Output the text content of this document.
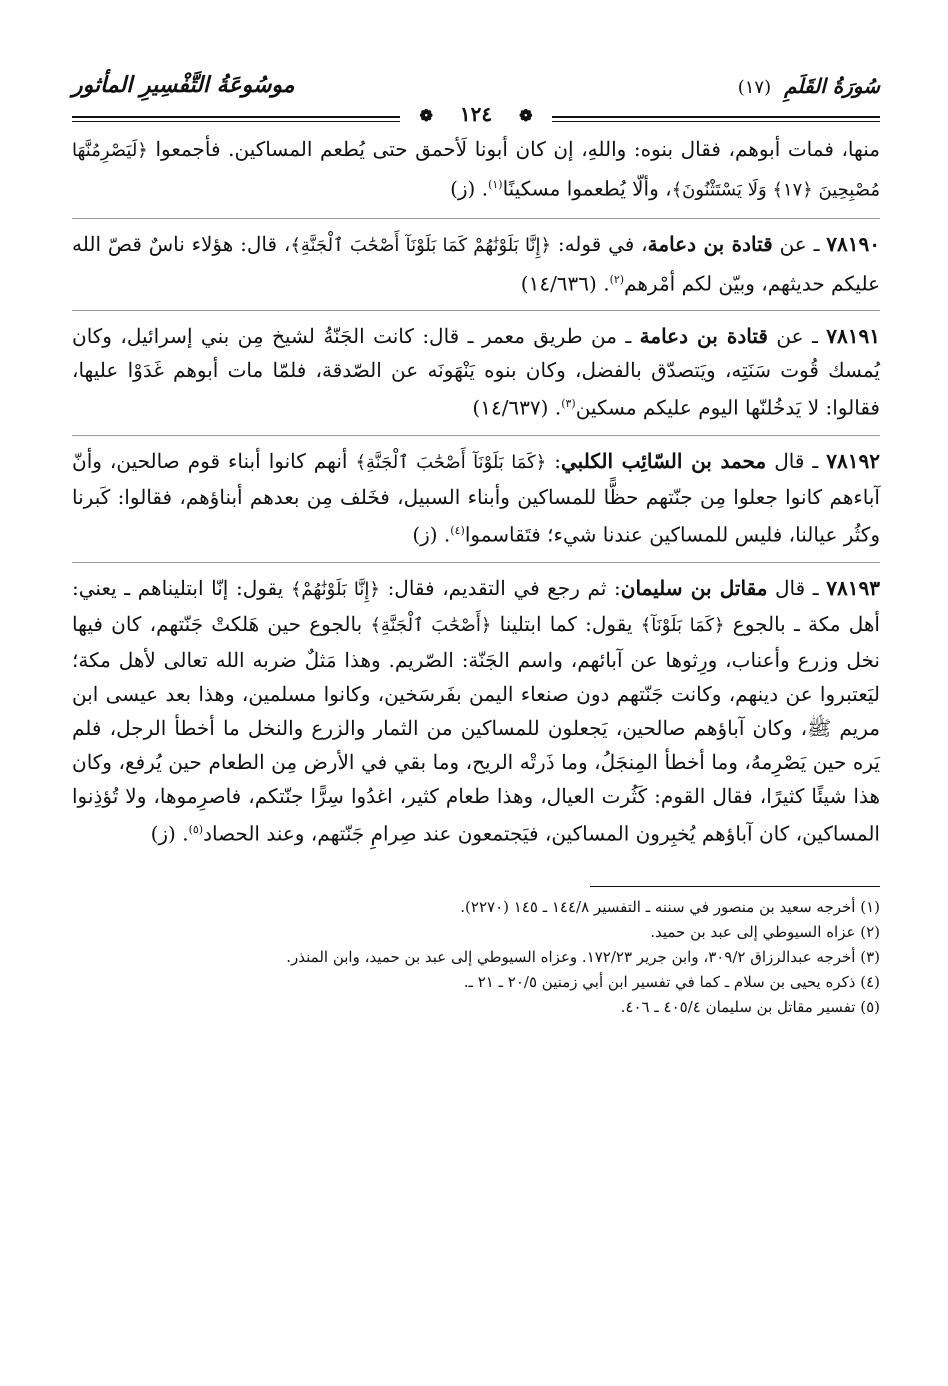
سُورَةُ القَلَمِ (١٧)
موسُوعَةُ التَّفْسِيرِ المأثور
❁ ١٢٤ ❁

منها، فمات أبوهم، فقال بنوه: واللهِ، إن كان أبونا لَأحمق حتى يُطعم المساكين. فأجمعوا ﴿لَيَصْرِمُنَّهَا مُصْبِحِينَ ﴿١٧﴾ وَلَا يَسْتَثْنُونَ﴾، وألّا يُطعموا مسكينًا$^{(١)}$. (ز)

٧٨١٩٠ ـ عن قتادة بن دعامة، في قوله: ﴿إِنَّا بَلَوْنَٰهُمْ كَمَا بَلَوْنَآ أَصْحَٰبَ ٱلْجَنَّةِ﴾، قال: هؤلاء ناسٌ قصّ الله عليكم حديثهم، وبيّن لكم أمْرهم$^{(٢)}$. (١٤/٦٣٦)

٧٨١٩١ ـ عن قتادة بن دعامة ـ من طريق معمر ـ قال: كانت الجَنّةُ لشيخ مِن بني إسرائيل، وكان يُمسك قُوت سَنَتِه، ويَتصدّق بالفضل، وكان بنوه يَنْهَونَه عن الصّدقة، فلمّا مات أبوهم غَدَوْا عليها، فقالوا: لا يَدخُلنّها اليوم عليكم مسكين$^{(٣)}$. (١٤/٦٣٧)

٧٨١٩٢ ـ قال محمد بن السّائِب الكلبي: ﴿كَمَا بَلَوْنَآ أَصْحَٰبَ ٱلْجَنَّةِ﴾ أنهم كانوا أبناء قوم صالحين، وأنّ آباءهم كانوا جعلوا مِن جنّتهم حظًّا للمساكين وأبناء السبيل، فخَلف مِن بعدهم أبناؤهم، فقالوا: كَبرنا وكثُر عيالنا، فليس للمساكين عندنا شيء؛ فتَقاسموا$^{(٤)}$. (ز)

٧٨١٩٣ ـ قال مقاتل بن سليمان: ثم رجع في التقديم، فقال: ﴿إِنَّا بَلَوْنَٰهُمْ﴾ يقول: إنّا ابتليناهم ـ يعني: أهل مكة ـ بالجوع ﴿كَمَا بَلَوْنَآ﴾ يقول: كما ابتلينا ﴿أَصْحَٰبَ ٱلْجَنَّةِ﴾ بالجوع حين هَلكتْ جَنّتهم، كان فيها نخل وزرع وأعناب، ورِثوها عن آبائهم، واسم الجَنّة: الصّريم. وهذا مَثلٌ ضربه الله تعالى لأهل مكة؛ ليَعتبروا عن دينهم، وكانت جَنّتهم دون صنعاء اليمن بفَرسَخين، وكانوا مسلمين، وهذا بعد عيسى ابن مريم ﷺ، وكان آباؤهم صالحين، يَجعلون للمساكين من الثمار والزرع والنخل ما أخطأ الرجل، فلم يَره حين يَصْرِمهُ، وما أخطأ المِنجَلُ، وما ذَرتْه الريح، وما بقي في الأرض مِن الطعام حين يُرفع، وكان هذا شيئًا كثيرًا، فقال القوم: كَثُرت العيال، وهذا طعام كثير، اغدُوا سِرًّا جنّتكم، فاصرِموها، ولا تُؤذِنوا المساكين، كان آباؤهم يُخبِرون المساكين، فيَجتمعون عند صِرامِ جَنّتهم، وعند الحصاد$^{(٥)}$. (ز)

(١) أخرجه سعيد بن منصور في سننه ـ التفسير ١٤٤/٨ ـ ١٤٥ (٢٢٧٠).

(٢) عزاه السيوطي إلى عبد بن حميد.

(٣) أخرجه عبدالرزاق ٣٠٩/٢، وابن جرير ١٧٢/٢٣. وعزاه السيوطي إلى عبد بن حميد، وابن المنذر.

(٤) ذكره يحيى بن سلام ـ كما في تفسير ابن أبي زمنين ٢٠/٥ ـ ٢١ ـ.

(٥) تفسير مقاتل بن سليمان ٤٠٥/٤ ـ ٤٠٦.
